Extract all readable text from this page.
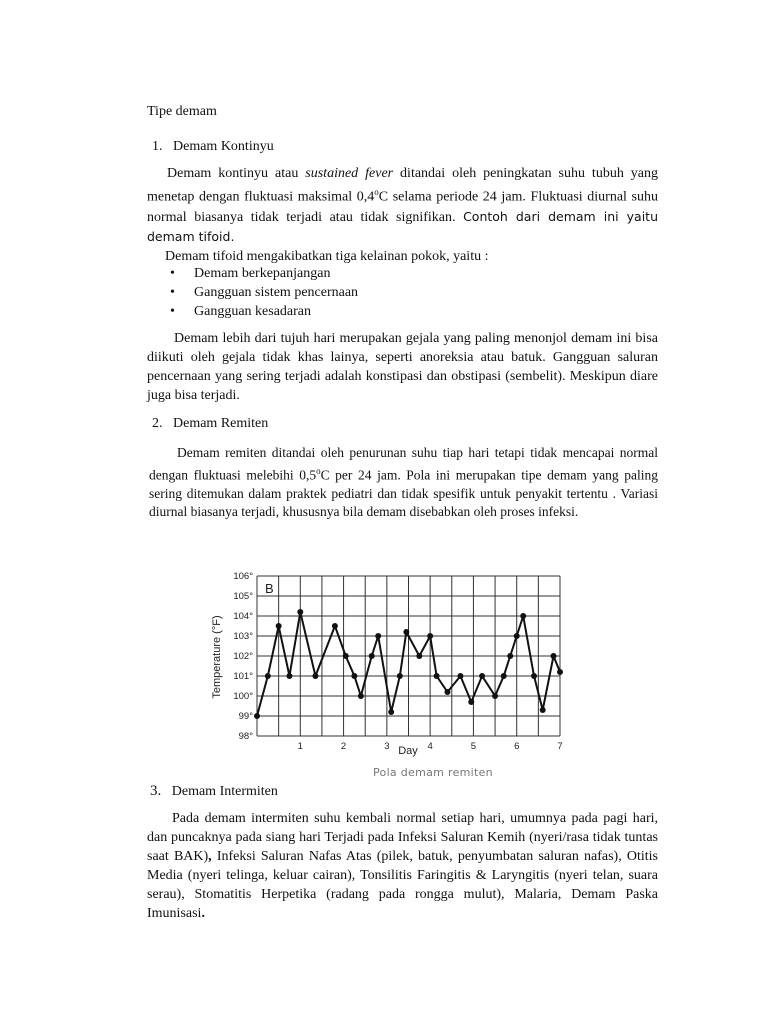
Tipe demam

1. Demam Kontinyu

Demam kontinyu atau sustained fever ditandai oleh peningkatan suhu tubuh yang menetap dengan fluktuasi maksimal 0,4$^o$C selama periode 24 jam. Fluktuasi diurnal suhu normal biasanya tidak terjadi atau tidak signifikan. Contoh dari demam ini yaitu demam tifoid.

Demam tifoid mengakibatkan tiga kelainan pokok, yaitu :

• Demam berkepanjangan
• Gangguan sistem pencernaan
• Gangguan kesadaran

Demam lebih dari tujuh hari merupakan gejala yang paling menonjol demam ini bisa diikuti oleh gejala tidak khas lainya, seperti anoreksia atau batuk. Gangguan saluran pencernaan yang sering terjadi adalah konstipasi dan obstipasi (sembelit). Meskipun diare juga bisa terjadi.

2. Demam Remiten

Demam remiten ditandai oleh penurunan suhu tiap hari tetapi tidak mencapai normal dengan fluktuasi melebihi 0,5$^o$C per 24 jam. Pola ini merupakan tipe demam yang paling sering ditemukan dalam praktek pediatri dan tidak spesifik untuk penyakit tertentu . Variasi diurnal biasanya terjadi, khususnya bila demam disebabkan oleh proses infeksi.

98°
99°
100°
101°
102°
103°
104°
105°
106°
1	2	3	4	5	6	7
B
Temperature (°F)
Day
Pola demam remiten

3. Demam Intermiten

Pada demam intermiten suhu kembali normal setiap hari, umumnya pada pagi hari, dan puncaknya pada siang hari Terjadi pada Infeksi Saluran Kemih (nyeri/rasa tidak tuntas saat BAK), Infeksi Saluran Nafas Atas (pilek, batuk, penyumbatan saluran nafas), Otitis Media (nyeri telinga, keluar cairan), Tonsilitis Faringitis & Laryngitis (nyeri telan, suara serau), Stomatitis Herpetika (radang pada rongga mulut), Malaria, Demam Paska Imunisasi.
